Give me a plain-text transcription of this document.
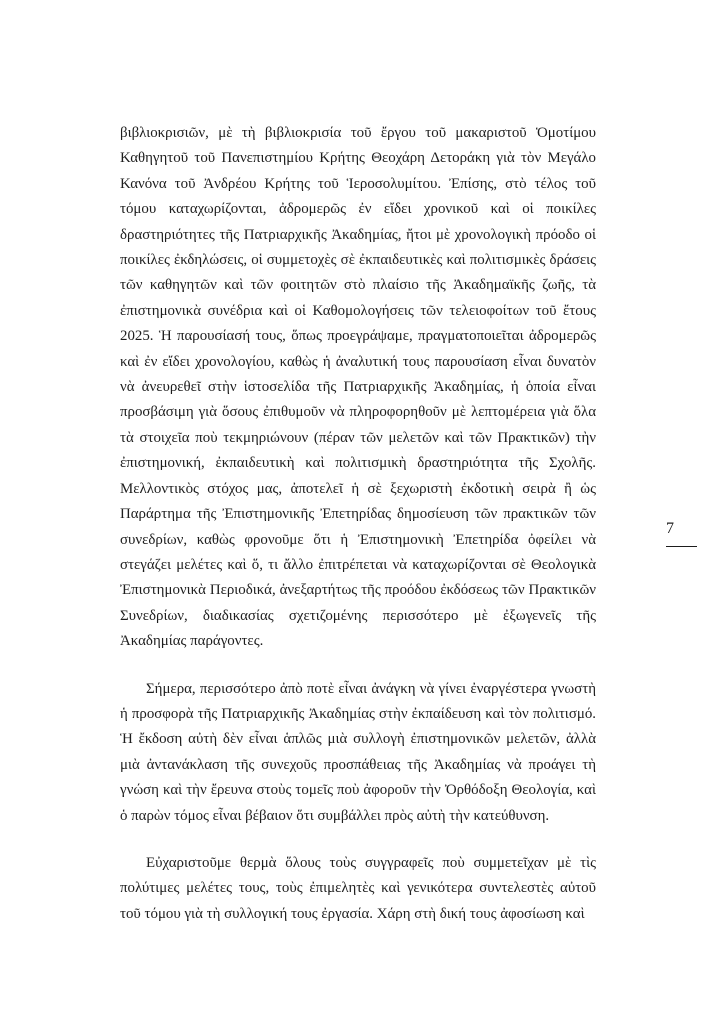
βιβλιοκρισιῶν, μὲ τὴ βιβλιοκρισία τοῦ ἔργου τοῦ μακαριστοῦ Ὁμοτίμου Καθηγητοῦ τοῦ Πανεπιστημίου Κρήτης Θεοχάρη Δετοράκη γιὰ τὸν Μεγάλο Κανόνα τοῦ Ἀνδρέου Κρήτης τοῦ Ἱεροσολυμίτου. Ἐπίσης, στὸ τέλος τοῦ τόμου καταχωρίζονται, ἀδρομερῶς ἐν εἴδει χρονικοῦ καὶ οἱ ποικίλες δραστηριότητες τῆς Πατριαρχικῆς Ἀκαδημίας, ἤτοι μὲ χρονολογικὴ πρόοδο οἱ ποικίλες ἐκδηλώσεις, οἱ συμμετοχὲς σὲ ἐκπαιδευτικὲς καὶ πολιτισμικὲς δράσεις τῶν καθηγητῶν καὶ τῶν φοιτητῶν στὸ πλαίσιο τῆς Ἀκαδημαϊκῆς ζωῆς, τὰ ἐπιστημονικὰ συνέδρια καὶ οἱ Καθομολογήσεις τῶν τελειοφοίτων τοῦ ἔτους 2025. Ἡ παρουσίασή τους, ὅπως προεγράψαμε, πραγματοποιεῖται ἀδρομερῶς καὶ ἐν εἴδει χρονολογίου, καθὼς ἡ ἀναλυτική τους παρουσίαση εἶναι δυνατὸν νὰ ἀνευρεθεῖ στὴν ἱστοσελίδα τῆς Πατριαρχικῆς Ἀκαδημίας, ἡ ὁποία εἶναι προσβάσιμη γιὰ ὅσους ἐπιθυμοῦν νὰ πληροφορηθοῦν μὲ λεπτομέρεια γιὰ ὅλα τὰ στοιχεῖα ποὺ τεκμηριώνουν (πέραν τῶν μελετῶν καὶ τῶν Πρακτικῶν) τὴν ἐπιστημονική, ἐκπαιδευτικὴ καὶ πολιτισμικὴ δραστηριότητα τῆς Σχολῆς. Μελλοντικὸς στόχος μας, ἀποτελεῖ ἡ σὲ ξεχωριστὴ ἐκδοτικὴ σειρὰ ἢ ὡς Παράρτημα τῆς Ἐπιστημονικῆς Ἐπετηρίδας δημοσίευση τῶν πρακτικῶν τῶν συνεδρίων, καθὼς φρονοῦμε ὅτι ἡ Ἐπιστημονικὴ Ἐπετηρίδα ὀφείλει νὰ στεγάζει μελέτες καὶ ὅ, τι ἄλλο ἐπιτρέπεται νὰ καταχωρίζονται σὲ Θεολογικὰ Ἐπιστημονικὰ Περιοδικά, ἀνεξαρτήτως τῆς προόδου ἐκδόσεως τῶν Πρακτικῶν Συνεδρίων, διαδικασίας σχετιζομένης περισσότερο μὲ ἐξωγενεῖς τῆς Ἀκαδημίας παράγοντες.

Σήμερα, περισσότερο ἀπὸ ποτὲ εἶναι ἀνάγκη νὰ γίνει ἐναργέστερα γνωστὴ ἡ προσφορὰ τῆς Πατριαρχικῆς Ἀκαδημίας στὴν ἐκπαίδευση καὶ τὸν πολιτισμό. Ἡ ἔκδοση αὐτὴ δὲν εἶναι ἁπλῶς μιὰ συλλογὴ ἐπιστημονικῶν μελετῶν, ἀλλὰ μιὰ ἀντανάκλαση τῆς συνεχοῦς προσπάθειας τῆς Ἀκαδημίας νὰ προάγει τὴ γνώση καὶ τὴν ἔρευνα στοὺς τομεῖς ποὺ ἀφοροῦν τὴν Ὀρθόδοξη Θεολογία, καὶ ὁ παρὼν τόμος εἶναι βέβαιον ὅτι συμβάλλει πρὸς αὐτὴ τὴν κατεύθυνση.

Εὐχαριστοῦμε θερμὰ ὅλους τοὺς συγγραφεῖς ποὺ συμμετεῖχαν μὲ τὶς πολύτιμες μελέτες τους, τοὺς ἐπιμελητὲς καὶ γενικότερα συντελεστὲς αὐτοῦ τοῦ τόμου γιὰ τὴ συλλογική τους ἐργασία. Χάρη στὴ δική τους ἀφοσίωση καὶ

7
